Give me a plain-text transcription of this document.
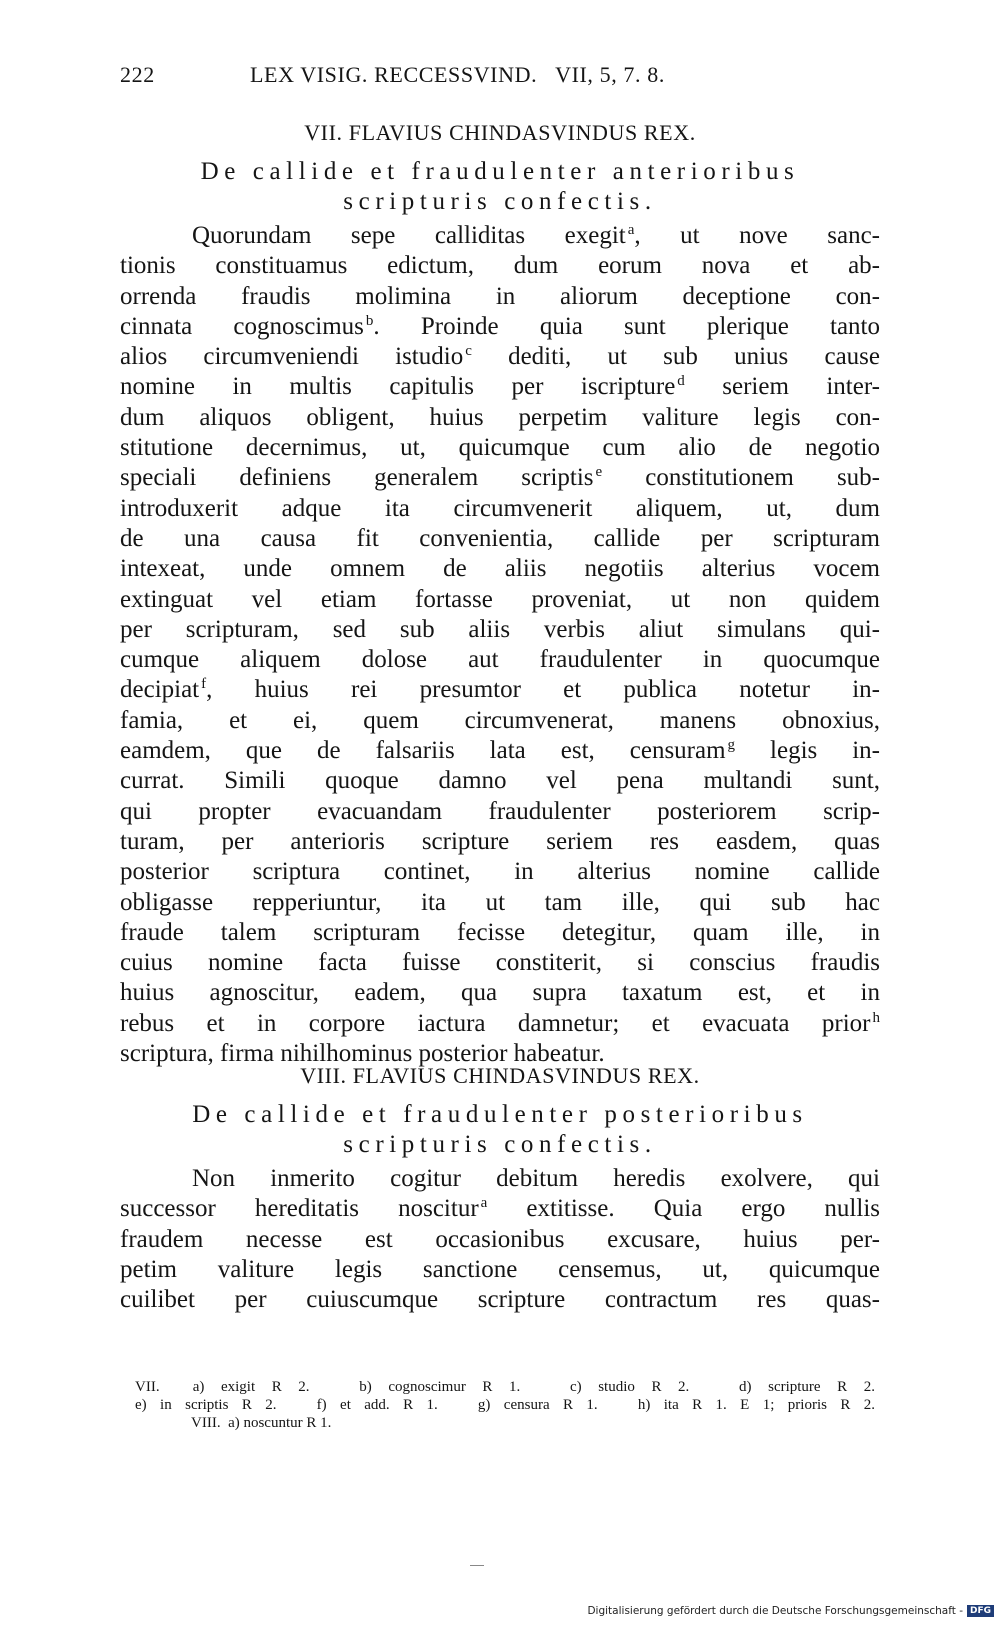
222	LEX VISIG. RECCESSVIND.   VII, 5, 7. 8.
VII. FLAVIUS CHINDASVINDUS REX.
De callide et fraudulenter anterioribus
scripturis confectis.
Quorundam sepe calliditas exegit $^a$, ut nove sanc-
tionis constituamus edictum, dum eorum nova et ab-
orrenda fraudis molimina in aliorum deceptione con-
cinnata cognoscimus $^b$. Proinde quia sunt plerique tanto
alios circumveniendi istudio $^c$ dediti, ut sub unius cause
nomine in multis capitulis per iscripture $^d$ seriem inter-
dum aliquos obligent, huius perpetim valiture legis con-
stitutione decernimus, ut, quicumque cum alio de negotio
speciali definiens generalem scriptis $^e$ constitutionem sub-
introduxerit adque ita circumvenerit aliquem, ut, dum
de una causa fit convenientia, callide per scripturam
intexeat, unde omnem de aliis negotiis alterius vocem
extinguat vel etiam fortasse proveniat, ut non quidem
per scripturam, sed sub aliis verbis aliut simulans qui-
cumque aliquem dolose aut fraudulenter in quocumque
decipiat $^f$, huius rei presumtor et publica notetur in-
famia, et ei, quem circumvenerat, manens obnoxius,
eamdem, que de falsariis lata est, censuram $^g$ legis in-
currat. Simili quoque damno vel pena multandi sunt,
qui propter evacuandam fraudulenter posteriorem scrip-
turam, per anterioris scripture seriem res easdem, quas
posterior scriptura continet, in alterius nomine callide
obligasse repperiuntur, ita ut tam ille, qui sub hac
fraude talem scripturam fecisse detegitur, quam ille, in
cuius nomine facta fuisse constiterit, si conscius fraudis
huius agnoscitur, eadem, qua supra taxatum est, et in
rebus et in corpore iactura damnetur; et evacuata prior $^h$
scriptura, firma nihilhominus posterior habeatur.
VIII. FLAVIUS CHINDASVINDUS REX.
De callide et fraudulenter posterioribus
scripturis confectis.
Non inmerito cogitur debitum heredis exolvere, qui
successor hereditatis noscitur $^a$ extitisse. Quia ergo nullis
fraudem necesse est occasionibus excusare, huius per-
petim valiture legis sanctione censemus, ut, quicumque
cuilibet per cuiuscumque scripture contractum res quas-
VII.  a) exigit R 2.   b) cognoscimur R 1.   c) studio R 2.   d) scripture R 2.
e) in scriptis R 2.   f) et add. R 1.   g) censura R 1.   h) ita R 1. E 1; prioris R 2.
VIII.  a) noscuntur R 1.
Digitalisierung gefördert durch die Deutsche Forschungsgemeinschaft - DFG
